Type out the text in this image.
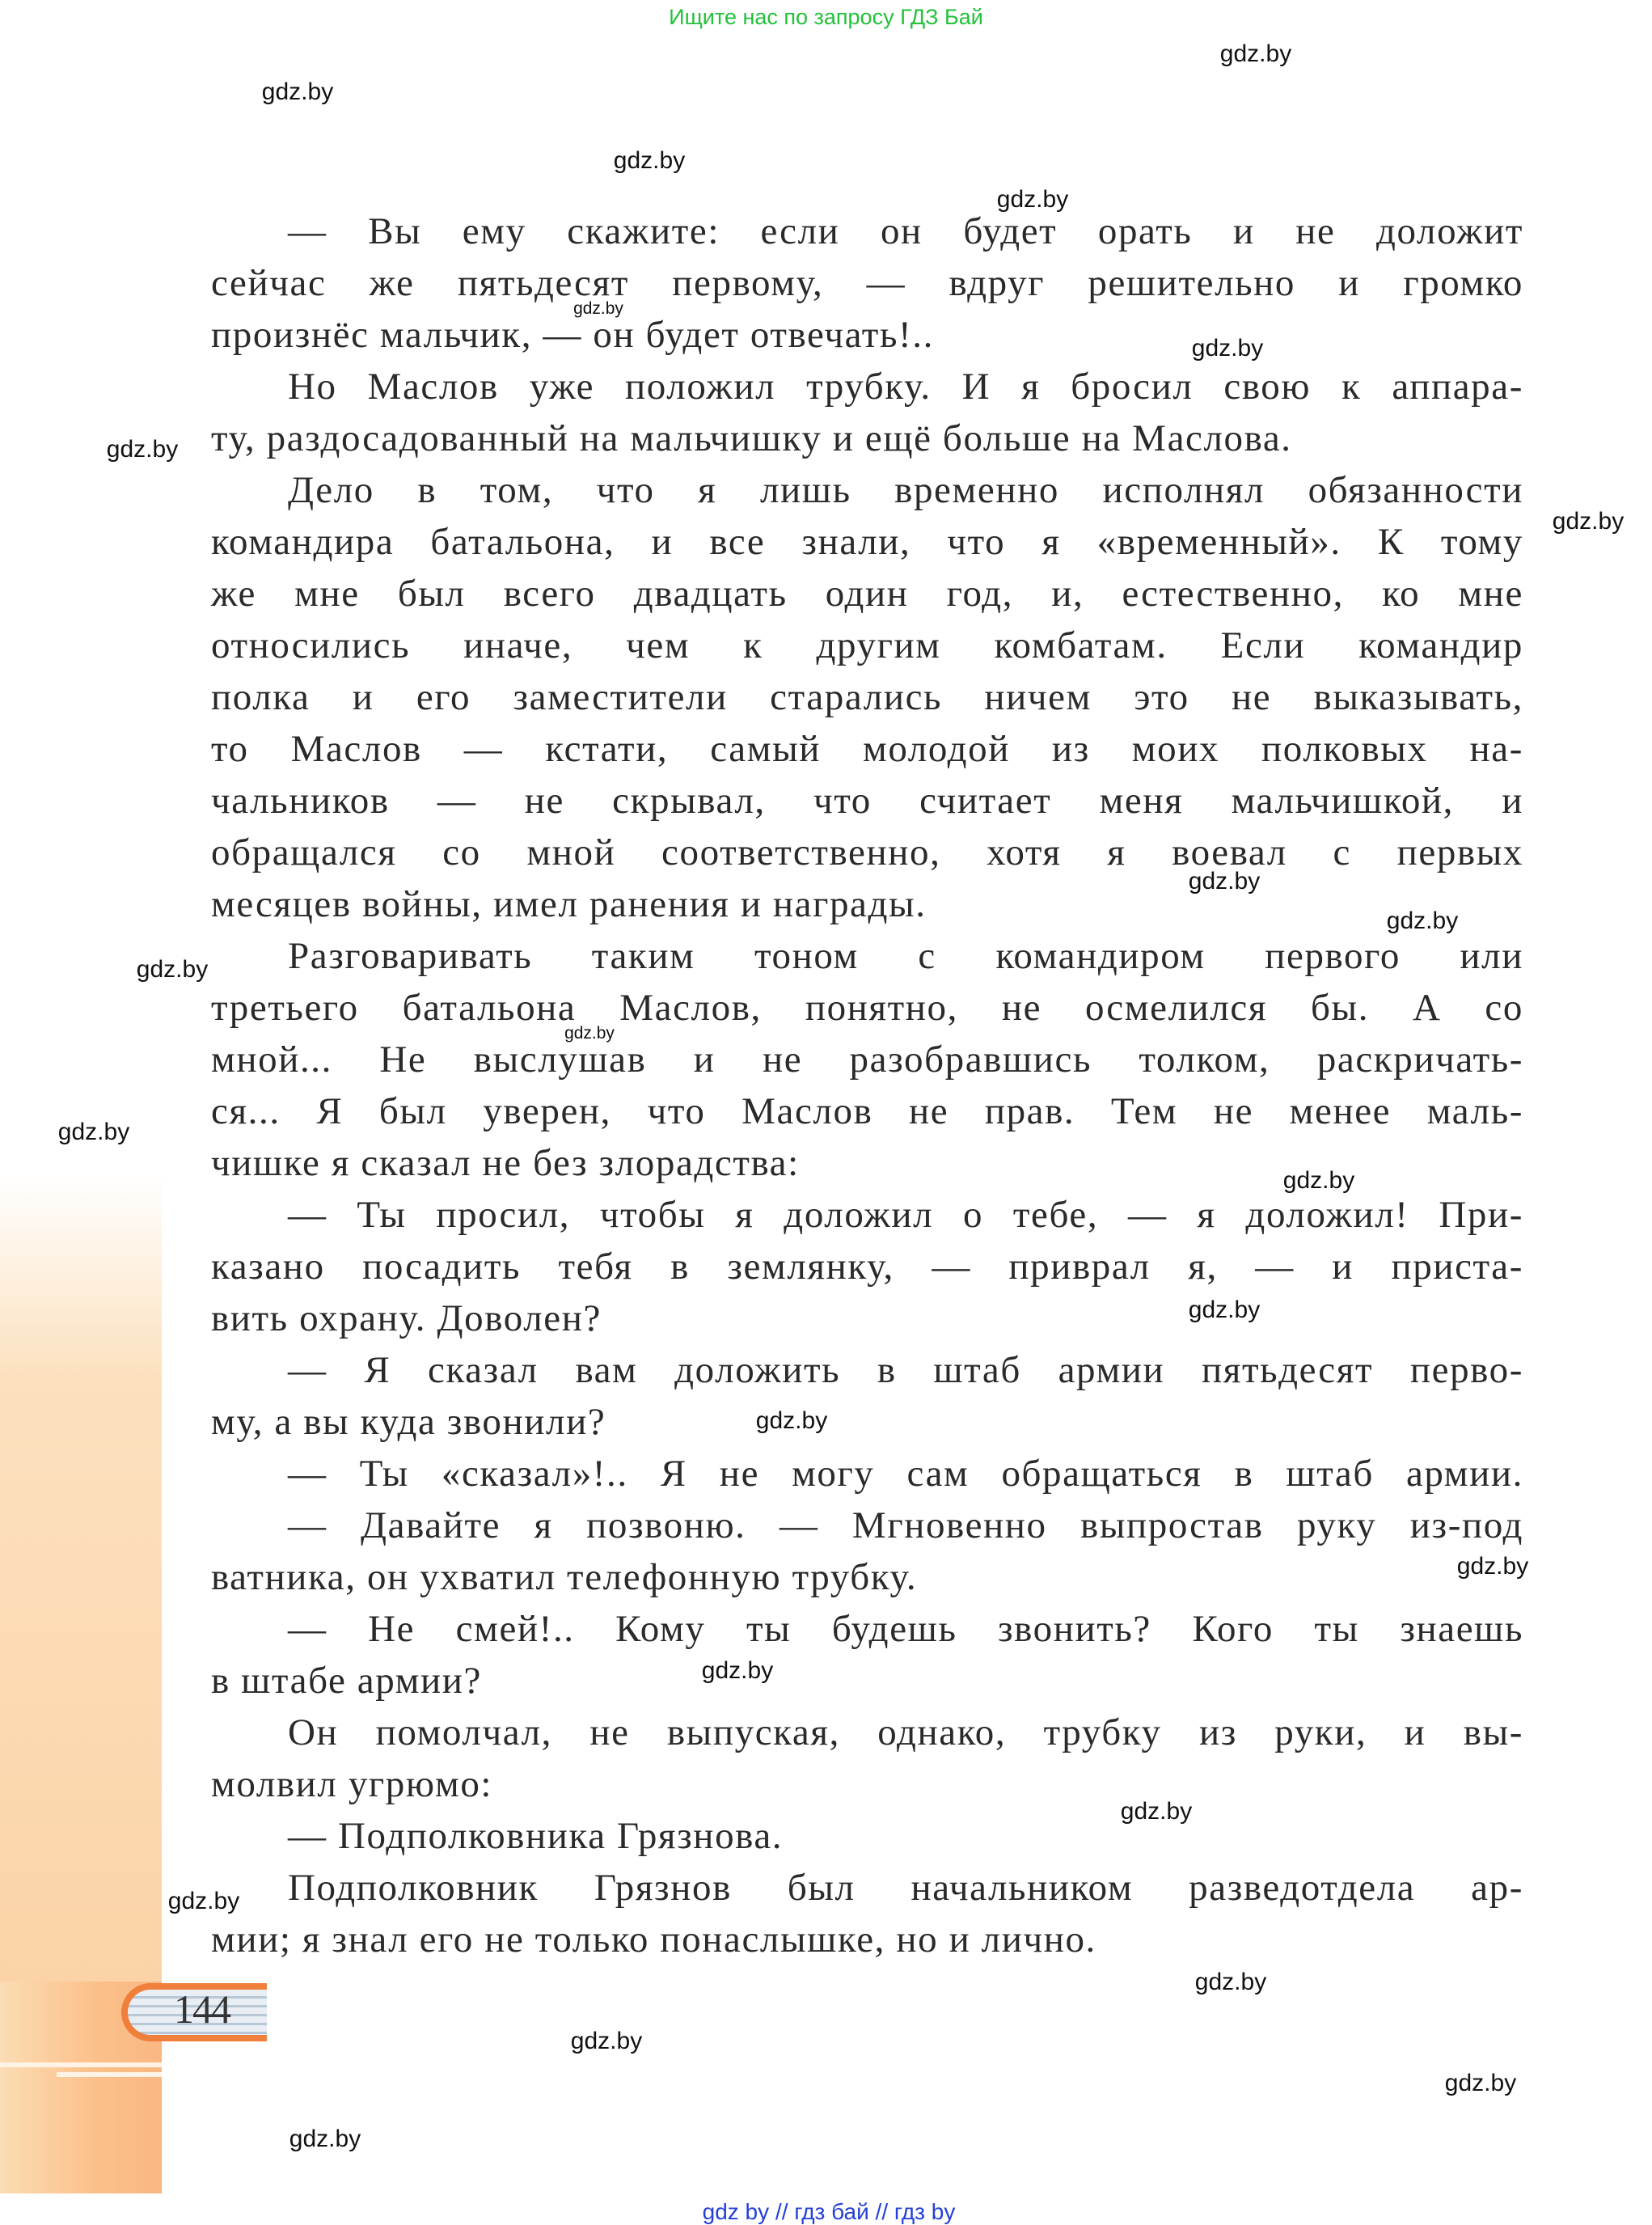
Ищите нас по запросу ГДЗ Бай
144
— Вы ему скажите: если он будет орать и не доложит
сейчас же пятьдесят первому, — вдруг решительно и громко
произнёс мальчик, — он будет отвечать!..
Но Маслов уже положил трубку. И я бросил свою к аппара-
ту, раздосадованный на мальчишку и ещё больше на Маслова.
Дело в том, что я лишь временно исполнял обязанности
командира батальона, и все знали, что я «временный». К тому
же мне был всего двадцать один год, и, естественно, ко мне
относились иначе, чем к другим комбатам. Если командир
полка и его заместители старались ничем это не выказывать,
то Маслов — кстати, самый молодой из моих полковых на-
чальников — не скрывал, что считает меня мальчишкой, и
обращался со мной соответственно, хотя я воевал с первых
месяцев войны, имел ранения и награды.
Разговаривать таким тоном с командиром первого или
третьего батальона Маслов, понятно, не осмелился бы. А со
мной... Не выслушав и не разобравшись толком, раскричать-
ся... Я был уверен, что Маслов не прав. Тем не менее маль-
чишке я сказал не без злорадства:
— Ты просил, чтобы я доложил о тебе, — я доложил! При-
казано посадить тебя в землянку, — приврал я, — и приста-
вить охрану. Доволен?
— Я сказал вам доложить в штаб армии пятьдесят перво-
му, а вы куда звонили?
— Ты «сказал»!.. Я не могу сам обращаться в штаб армии.
— Давайте я позвоню. — Мгновенно выпростав руку из-под
ватника, он ухватил телефонную трубку.
— Не смей!.. Кому ты будешь звонить? Кого ты знаешь
в штабе армии?
Он помолчал, не выпуская, однако, трубку из руки, и вы-
молвил угрюмо:
— Подполковника Грязнова.
Подполковник Грязнов был начальником разведотдела ар-
мии; я знал его не только понаслышке, но и лично.
gdz.by
gdz.by
gdz.by
gdz.by
gdz.by
gdz.by
gdz.by
gdz.by
gdz.by
gdz.by
gdz.by
gdz.by
gdz.by
gdz.by
gdz.by
gdz.by
gdz.by
gdz.by
gdz.by
gdz.by
gdz.by
gdz.by
gdz.by
gdz.by
gdz by // гдз бай // гдз by
